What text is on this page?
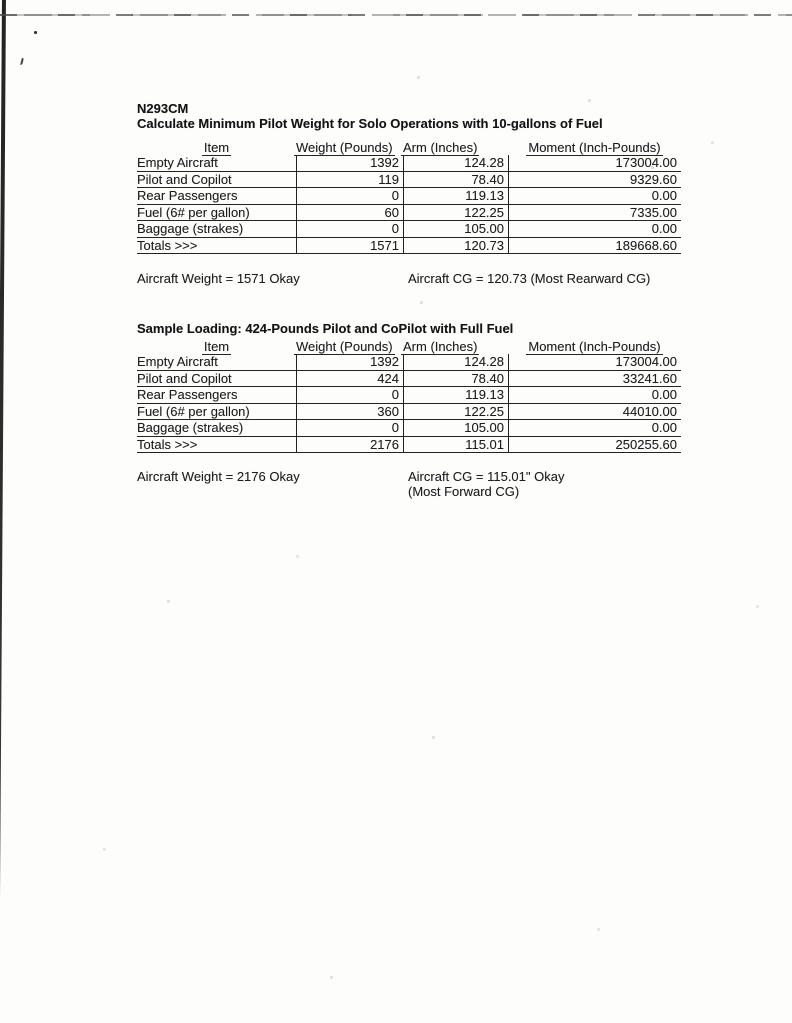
N293CM
Calculate Minimum Pilot Weight for Solo Operations with 10-gallons of Fuel
Item	Weight (Pounds) Arm (Inches)	Moment (Inch-Pounds)
Empty Aircraft	1392	124.28	173004.00
Pilot and Copilot	119	78.40	9329.60
Rear Passengers	0	119.13	0.00
Fuel (6# per gallon)	60	122.25	7335.00
Baggage (strakes)	0	105.00	0.00
Totals >>>	1571	120.73	189668.60
Aircraft Weight = 1571 Okay	Aircraft CG = 120.73 (Most Rearward CG)
Sample Loading: 424-Pounds Pilot and CoPilot with Full Fuel
Item	Weight (Pounds) Arm (Inches)	Moment (Inch-Pounds)
Empty Aircraft	1392	124.28	173004.00
Pilot and Copilot	424	78.40	33241.60
Rear Passengers	0	119.13	0.00
Fuel (6# per gallon)	360	122.25	44010.00
Baggage (strakes)	0	105.00	0.00
Totals >>>	2176	115.01	250255.60
Aircraft Weight = 2176 Okay	Aircraft CG = 115.01" Okay
(Most Forward CG)
